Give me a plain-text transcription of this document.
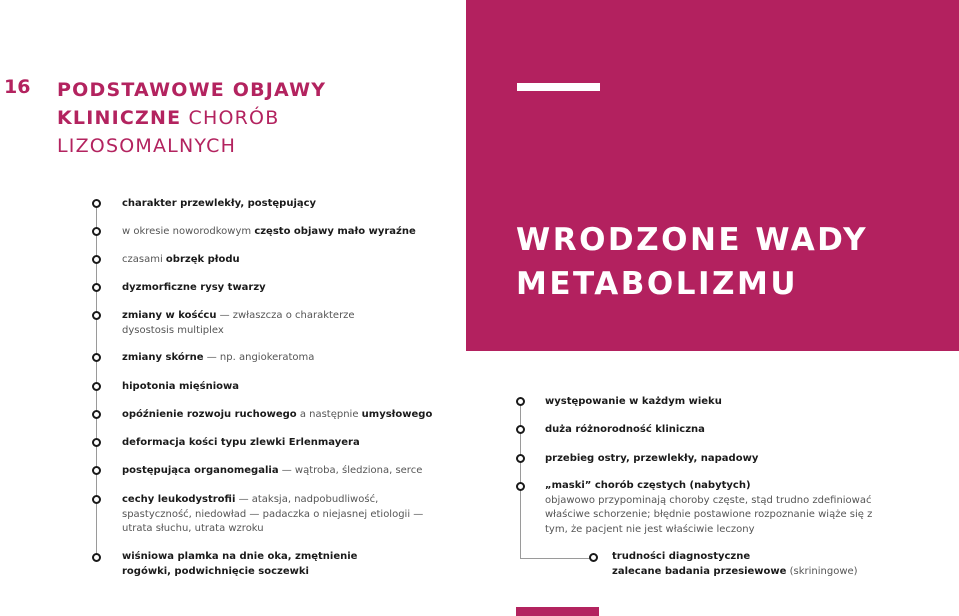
16 PODSTAWOWE OBJAWY
KLINICZNE CHORÓB
LIZOSOMALNYCH
WRODZONE WADY
METABOLIZMU
charakter przewlekły, postępujący
w okresie noworodkowym często objawy mało wyraźne
czasami obrzęk płodu
dyzmorficzne rysy twarzy
zmiany w kośćcu — zwłaszcza o charakterze dysostosis multiplex
zmiany skórne — np. angiokeratoma
hipotonia mięśniowa
opóźnienie rozwoju ruchowego a następnie umysłowego
deformacja kości typu zlewki Erlenmayera
postępująca organomegalia — wątroba, śledziona, serce
cechy leukodystrofii — ataksja, nadpobudliwość, spastyczność, niedowład — padaczka o niejasnej etiologii — utrata słuchu, utrata wzroku
wiśniowa plamka na dnie oka, zmętnienie rogówki, podwichnięcie soczewki
występowanie w każdym wieku
duża różnorodność kliniczna
przebieg ostry, przewlekły, napadowy
„maski” chorób częstych (nabytych)
objawowo przypominają choroby częste, stąd trudno zdefiniować właściwe schorzenie; błędnie postawione rozpoznanie wiąże się z tym, że pacjent nie jest właściwie leczony
trudności diagnostyczne
zalecane badania przesiewowe (skriningowe)
